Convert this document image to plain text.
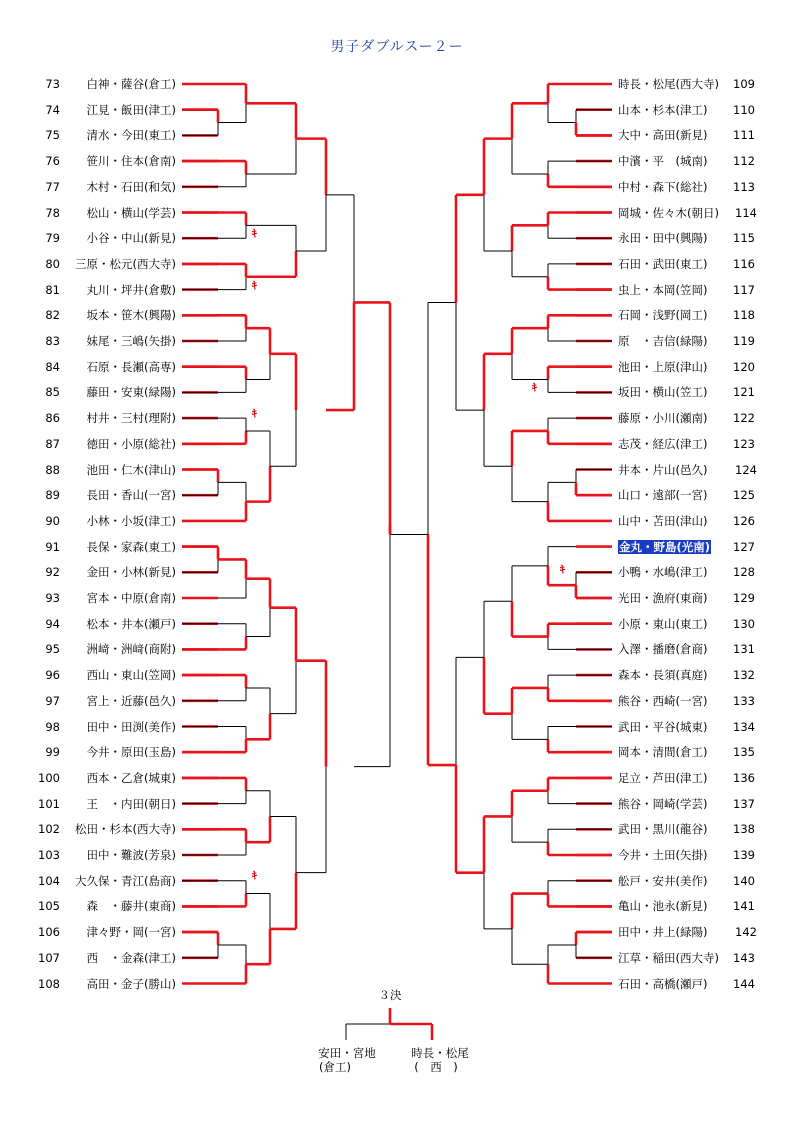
男子ダブルスー２ー
73	白神・薩谷(倉工)
74	江見・飯田(津工)
75	清水・今田(東工)
76	笹川・住本(倉南)
77	木村・石田(和気)
78	松山・横山(学芸)
79	小谷・中山(新見)
80	三原・松元(西大寺)
81	丸川・坪井(倉敷)
82	坂本・笹木(興陽)
83	妹尾・三嶋(矢掛)
84	石原・長瀬(高専)
85	藤田・安東(緑陽)
86	村井・三村(理附)
87	徳田・小原(総社)
88	池田・仁木(津山)
89	長田・香山(一宮)
90	小林・小坂(津工)
91	長保・家森(東工)
92	金田・小林(新見)
93	宮本・中原(倉南)
94	松本・井本(瀬戸)
95	洲﨑・洲﨑(商附)
96	西山・東山(笠岡)
97	宮上・近藤(邑久)
98	田中・田渕(美作)
99	今井・原田(玉島)
100	西本・乙倉(城東)
101	王　・内田(朝日)
102	松田・杉本(西大寺)
103	田中・難波(芳泉)
104	大久保・青江(島商)
105	森　・藤井(東商)
106	津々野・岡(一宮)
107	西　・金森(津工)
108	高田・金子(勝山)
時長・松尾(西大寺) 109
山本・杉本(津工) 110
大中・高田(新見) 111
中濱・平　(城南) 112
中村・森下(総社) 113
岡城・佐々木(朝日) 114
永田・田中(興陽) 115
石田・武田(東工) 116
虫上・本岡(笠岡) 117
石岡・浅野(岡工) 118
原　・吉信(緑陽) 119
池田・上原(津山) 120
坂田・横山(笠工) 121
藤原・小川(瀬南) 122
志茂・経広(津工) 123
井本・片山(邑久) 124
山口・遠部(一宮) 125
山中・苫田(津山) 126
金丸・野島(光南) 127
小鴨・水嶋(津工) 128
光田・漁府(東商) 129
小原・東山(東工) 130
入澤・播磨(倉商) 131
森本・長須(真庭) 132
熊谷・西崎(一宮) 133
武田・平谷(城東) 134
岡本・清間(倉工) 135
足立・芦田(津工) 136
熊谷・岡崎(学芸) 137
武田・黒川(龍谷) 138
今井・土田(矢掛) 139
舩戸・安井(美作) 140
亀山・池永(新見) 141
田中・井上(緑陽) 142
江草・稲田(西大寺) 143
石田・高橋(瀬戸) 144
３決
安田・宮地
(倉工)
時長・松尾
(　西　)
ｷ
ｷ
ｷ
ｷ
ｷ
ｷ
